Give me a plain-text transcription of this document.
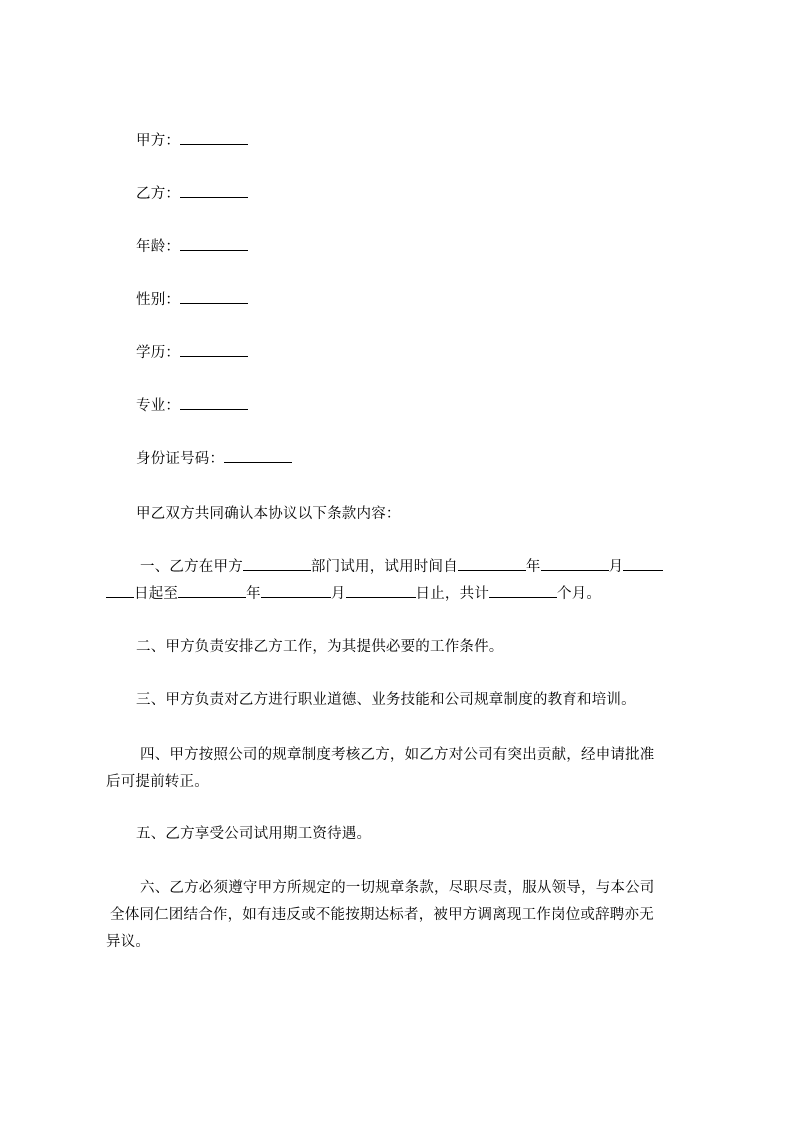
甲方：
乙方：
年龄：
性别：
学历：
专业：
身份证号码：
甲乙双方共同确认本协议以下条款内容：
一、乙方在甲方	部门试用，试用时间自	年	月
日起至	年	月	日止，共计	个月。
二、甲方负责安排乙方工作，为其提供必要的工作条件。
三、甲方负责对乙方进行职业道德、业务技能和公司规章制度的教育和培训。
四、甲方按照公司的规章制度考核乙方，如乙方对公司有突出贡献，经申请批准
后可提前转正。
五、乙方享受公司试用期工资待遇。
六、乙方必须遵守甲方所规定的一切规章条款，尽职尽责，服从领导，与本公司
全体同仁团结合作，如有违反或不能按期达标者，被甲方调离现工作岗位或辞聘亦无
异议。
